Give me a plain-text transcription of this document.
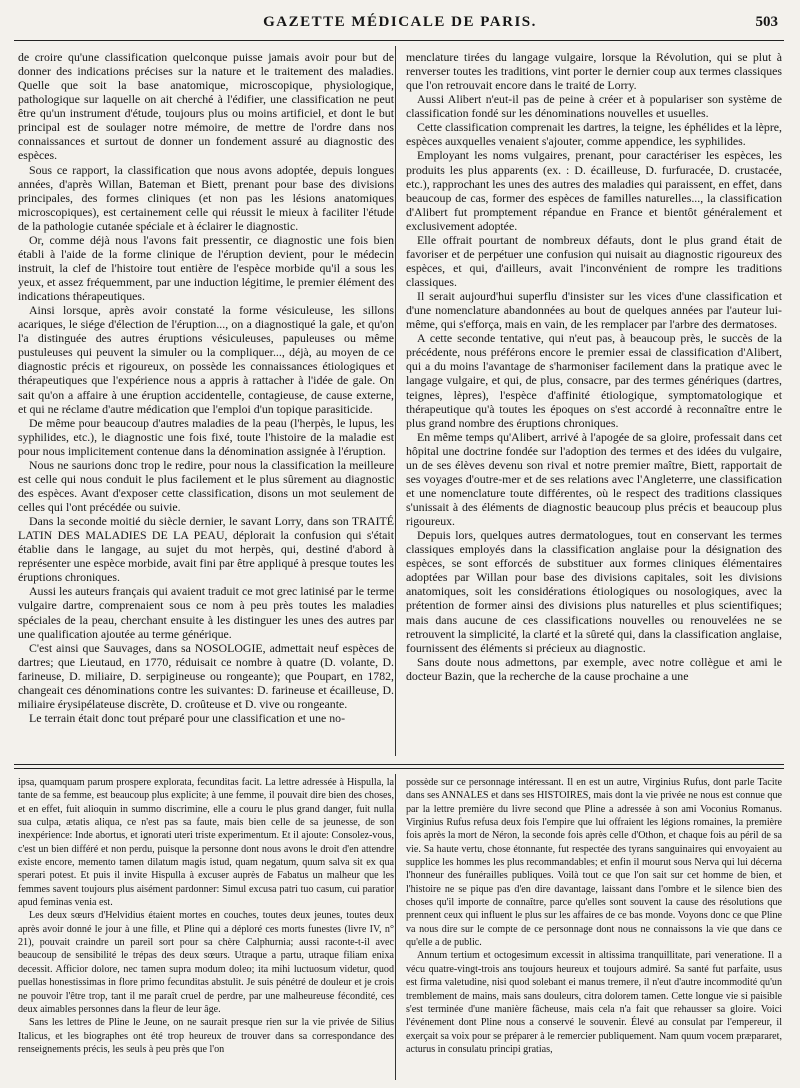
GAZETTE MÉDICALE DE PARIS.	503

de croire qu'une classification quelconque puisse jamais avoir pour but de donner des indications précises sur la nature et le traitement des maladies. Quelle que soit la base anatomique, microscopique, physiologique, pathologique sur laquelle on ait cherché à l'édifier, une classification ne peut être qu'un instrument d'étude, toujours plus ou moins artificiel, et dont le but principal est de soulager notre mémoire, de mettre de l'ordre dans nos connaissances et surtout de donner un fondement assuré au diagnostic des espèces.

Sous ce rapport, la classification que nous avons adoptée, depuis longues années, d'après Willan, Bateman et Biett, prenant pour base des divisions principales, des formes cliniques (et non pas les lésions anatomiques microscopiques), est certainement celle qui réussit le mieux à faciliter l'étude de la pathologie cutanée spéciale et à éclairer le diagnostic.

Or, comme déjà nous l'avons fait pressentir, ce diagnostic une fois bien établi à l'aide de la forme clinique de l'éruption devient, pour le médecin instruit, la clef de l'histoire tout entière de l'espèce morbide qu'il a sous les yeux, et assez fréquemment, par une induction légitime, le premier élément des indications thérapeutiques.

Ainsi lorsque, après avoir constaté la forme vésiculeuse, les sillons acariques, le siége d'élection de l'éruption..., on a diagnostiqué la gale, et qu'on l'a distinguée des autres éruptions vésiculeuses, papuleuses ou même pustuleuses qui peuvent la simuler ou la compliquer..., déjà, au moyen de ce diagnostic précis et rigoureux, on possède les connaissances étiologiques et thérapeutiques que l'expérience nous a appris à rattacher à l'idée de gale. On sait qu'on a affaire à une éruption accidentelle, contagieuse, de cause externe, et qui ne réclame d'autre médication que l'emploi d'un topique parasiticide.

De même pour beaucoup d'autres maladies de la peau (l'herpès, le lupus, les syphilides, etc.), le diagnostic une fois fixé, toute l'histoire de la maladie est pour nous implicitement contenue dans la dénomination assignée à l'éruption.

Nous ne saurions donc trop le redire, pour nous la classification la meilleure est celle qui nous conduit le plus facilement et le plus sûrement au diagnostic des espèces. Avant d'exposer cette classification, disons un mot seulement de celles qui l'ont précédée ou suivie.

Dans la seconde moitié du siècle dernier, le savant Lorry, dans son TRAITÉ LATIN DES MALADIES DE LA PEAU, déplorait la confusion qui s'était établie dans le langage, au sujet du mot herpès, qui, destiné d'abord à représenter une espèce morbide, avait fini par être appliqué à presque toutes les éruptions chroniques.

Aussi les auteurs français qui avaient traduit ce mot grec latinisé par le terme vulgaire dartre, comprenaient sous ce nom à peu près toutes les maladies spéciales de la peau, cherchant ensuite à les distinguer les unes des autres par une qualification ajoutée au terme générique.

C'est ainsi que Sauvages, dans sa NOSOLOGIE, admettait neuf espèces de dartres; que Lieutaud, en 1770, réduisait ce nombre à quatre (D. volante, D. farineuse, D. miliaire, D. serpigineuse ou rongeante); que Poupart, en 1782, changeait ces dénominations contre les suivantes: D. farineuse et écailleuse, D. miliaire érysipélateuse discrète, D. croûteuse et D. vive ou rongeante.

Le terrain était donc tout préparé pour une classification et une no-

menclature tirées du langage vulgaire, lorsque la Révolution, qui se plut à renverser toutes les traditions, vint porter le dernier coup aux termes classiques que l'on retrouvait encore dans le traité de Lorry.

Aussi Alibert n'eut-il pas de peine à créer et à populariser son système de classification fondé sur les dénominations nouvelles et usuelles.

Cette classification comprenait les dartres, la teigne, les éphélides et la lèpre, espèces auxquelles venaient s'ajouter, comme appendice, les syphilides.

Employant les noms vulgaires, prenant, pour caractériser les espèces, les produits les plus apparents (ex. : D. écailleuse, D. furfuracée, D. crustacée, etc.), rapprochant les unes des autres des maladies qui paraissent, en effet, dans beaucoup de cas, former des espèces de familles naturelles..., la classification d'Alibert fut promptement répandue en France et bientôt généralement et exclusivement adoptée.

Elle offrait pourtant de nombreux défauts, dont le plus grand était de favoriser et de perpétuer une confusion qui nuisait au diagnostic rigoureux des espèces, et qui, d'ailleurs, avait l'inconvénient de rompre les traditions classiques.

Il serait aujourd'hui superflu d'insister sur les vices d'une classification et d'une nomenclature abandonnées au bout de quelques années par l'auteur lui-même, qui s'efforça, mais en vain, de les remplacer par l'arbre des dermatoses.

A cette seconde tentative, qui n'eut pas, à beaucoup près, le succès de la précédente, nous préférons encore le premier essai de classification d'Alibert, qui a du moins l'avantage de s'harmoniser facilement dans la pratique avec le langage vulgaire, et qui, de plus, consacre, par des termes génériques (dartres, teignes, lèpres), l'espèce d'affinité étiologique, symptomatologique et thérapeutique qu'à toutes les époques on s'est accordé à reconnaître entre le plus grand nombre des éruptions chroniques.

En même temps qu'Alibert, arrivé à l'apogée de sa gloire, professait dans cet hôpital une doctrine fondée sur l'adoption des termes et des idées du vulgaire, un de ses élèves devenu son rival et notre premier maître, Biett, rapportait de ses voyages d'outre-mer et de ses relations avec l'Angleterre, une classification et une nomenclature toute différentes, où le respect des traditions classiques s'unissait à des éléments de diagnostic beaucoup plus précis et beaucoup plus rigoureux.

Depuis lors, quelques autres dermatologues, tout en conservant les termes classiques employés dans la classification anglaise pour la désignation des espèces, se sont efforcés de substituer aux formes cliniques élémentaires adoptées par Willan pour base des divisions capitales, soit les divisions anatomiques, soit les considérations étiologiques ou nosologiques, avec la prétention de former ainsi des divisions plus naturelles et plus scientifiques; mais dans aucune de ces classifications nouvelles ou renouvelées ne se retrouvent la simplicité, la clarté et la sûreté qui, dans la classification anglaise, fournissent des éléments si précieux au diagnostic.

Sans doute nous admettons, par exemple, avec notre collègue et ami le docteur Bazin, que la recherche de la cause prochaine a une

ipsa, quamquam parum prospere explorata, fecunditas facit. La lettre adressée à Hispulla, la tante de sa femme, est beaucoup plus explicite; à une femme, il pouvait dire bien des choses, et en effet, fuit alioquin in summo discrimine, elle a couru le plus grand danger, fuit nulla sua culpa, ætatis aliqua, ce n'est pas sa faute, mais bien celle de sa jeunesse, de son inexpérience: Inde abortus, et ignorati uteri triste experimentum. Et il ajoute: Consolez-vous, c'est un bien différé et non perdu, puisque la personne dont nous avons le droit d'en attendre existe encore, memento tamen dilatum magis istud, quam negatum, quum salva sit ex qua sperari potest. Et puis il invite Hispulla à excuser auprès de Fabatus un malheur que les femmes savent toujours plus aisément pardonner: Simul excusa patri tuo casum, cui paratior apud feminas venia est.

Les deux sœurs d'Helvidius étaient mortes en couches, toutes deux jeunes, toutes deux après avoir donné le jour à une fille, et Pline qui a déploré ces morts funestes (livre IV, n° 21), pouvait craindre un pareil sort pour sa chère Calphurnia; aussi raconte-t-il avec beaucoup de sensibilité le trépas des deux sœurs. Utraque a partu, utraque filiam enixa decessit. Afficior dolore, nec tamen supra modum doleo; ita mihi luctuosum videtur, quod puellas honestissimas in flore primo fecunditas abstulit. Je suis pénétré de douleur et je crois ne pouvoir l'être trop, tant il me paraît cruel de perdre, par une malheureuse fécondité, ces deux aimables personnes dans la fleur de leur âge.

Sans les lettres de Pline le Jeune, on ne saurait presque rien sur la vie privée de Silius Italicus, et les biographes ont été trop heureux de trouver dans sa correspondance des renseignements précis, les seuls à peu près que l'on

possède sur ce personnage intéressant. Il en est un autre, Virginius Rufus, dont parle Tacite dans ses ANNALES et dans ses HISTOIRES, mais dont la vie privée ne nous est connue que par la lettre première du livre second que Pline a adressée à son ami Voconius Romanus. Virginius Rufus refusa deux fois l'empire que lui offraient les légions romaines, la première fois après la mort de Néron, la seconde fois après celle d'Othon, et chaque fois au péril de sa vie. Sa haute vertu, chose étonnante, fut respectée des tyrans sanguinaires qui envoyaient au supplice les hommes les plus recommandables; et enfin il mourut sous Nerva qui lui décerna l'honneur des funérailles publiques. Voilà tout ce que l'on sait sur cet homme de bien, et l'histoire ne se pique pas d'en dire davantage, laissant dans l'ombre et le silence bien des choses qu'il importe de connaître, parce qu'elles sont souvent la cause des résolutions que prennent ceux qui influent le plus sur les affaires de ce bas monde. Voyons donc ce que Pline va nous dire sur le compte de ce personnage dont nous ne connaissons la vie que dans ce qu'elle a de public.

Annum tertium et octogesimum excessit in altissima tranquillitate, pari veneratione. Il a vécu quatre-vingt-trois ans toujours heureux et toujours admiré. Sa santé fut parfaite, usus est firma valetudine, nisi quod solebant ei manus tremere, il n'eut d'autre incommodité qu'un tremblement de mains, mais sans douleurs, citra dolorem tamen. Cette longue vie si paisible s'est terminée d'une manière fâcheuse, mais cela n'a fait que rehausser sa gloire. Voici l'événement dont Pline nous a conservé le souvenir. Élevé au consulat par l'empereur, il exerçait sa voix pour se préparer à le remercier publiquement. Nam quum vocem præpararet, acturus in consulatu principi gratias,
